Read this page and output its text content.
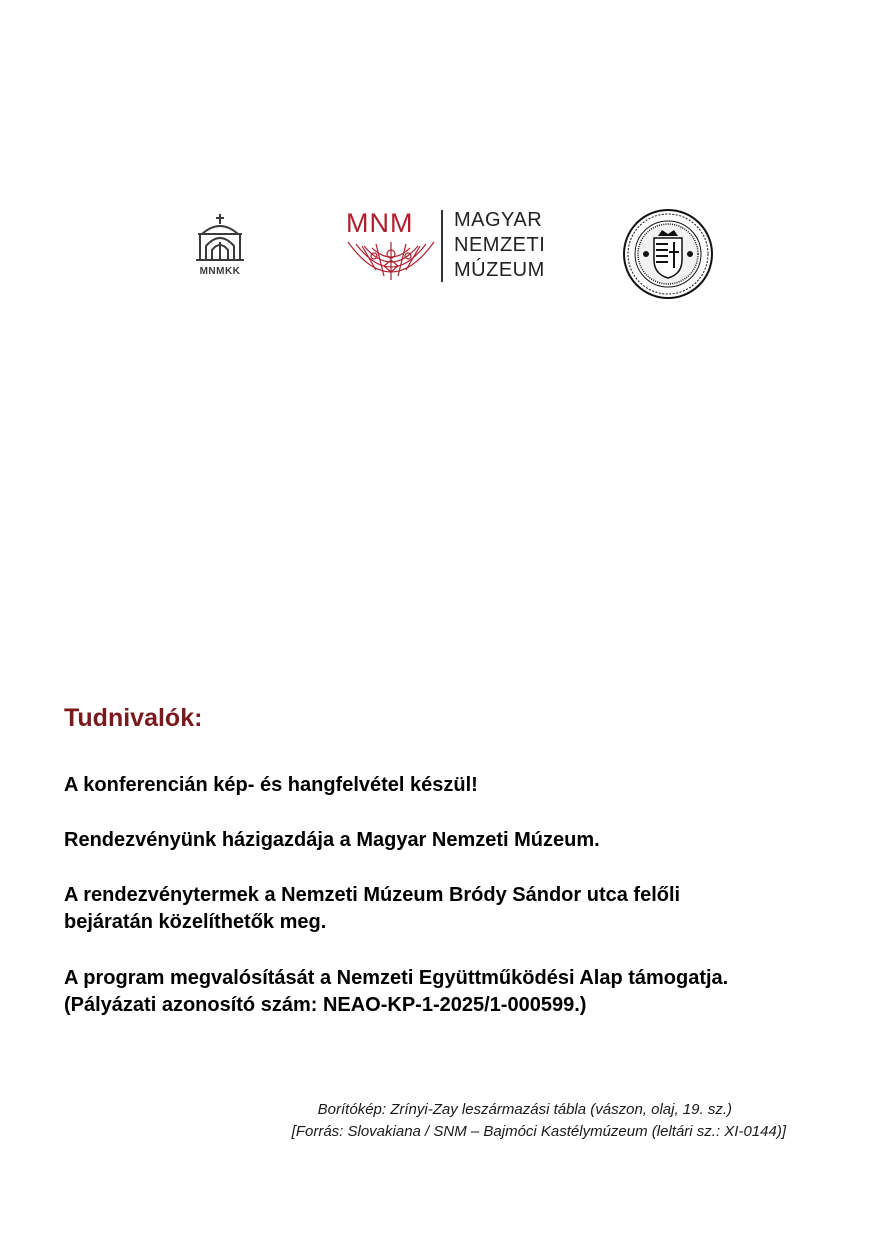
MNMKK
MNM MAGYAR
NEMZETI
MÚZEUM
Tudnivalók:

A konferencián kép- és hangfelvétel készül!

Rendezvényünk házigazdája a Magyar Nemzeti Múzeum.

A rendezvénytermek a Nemzeti Múzeum Bródy Sándor utca felőli
bejáratán közelíthetők meg.

A program megvalósítását a Nemzeti Együttműködési Alap támogatja.
(Pályázati azonosító szám: NEAO-KP-1-2025/1-000599.)

Borítókép: Zrínyi-Zay leszármazási tábla (vászon, olaj, 19. sz.)
[Forrás: Slovakiana / SNM – Bajmóci Kastélymúzeum (leltári sz.: XI-0144)]
